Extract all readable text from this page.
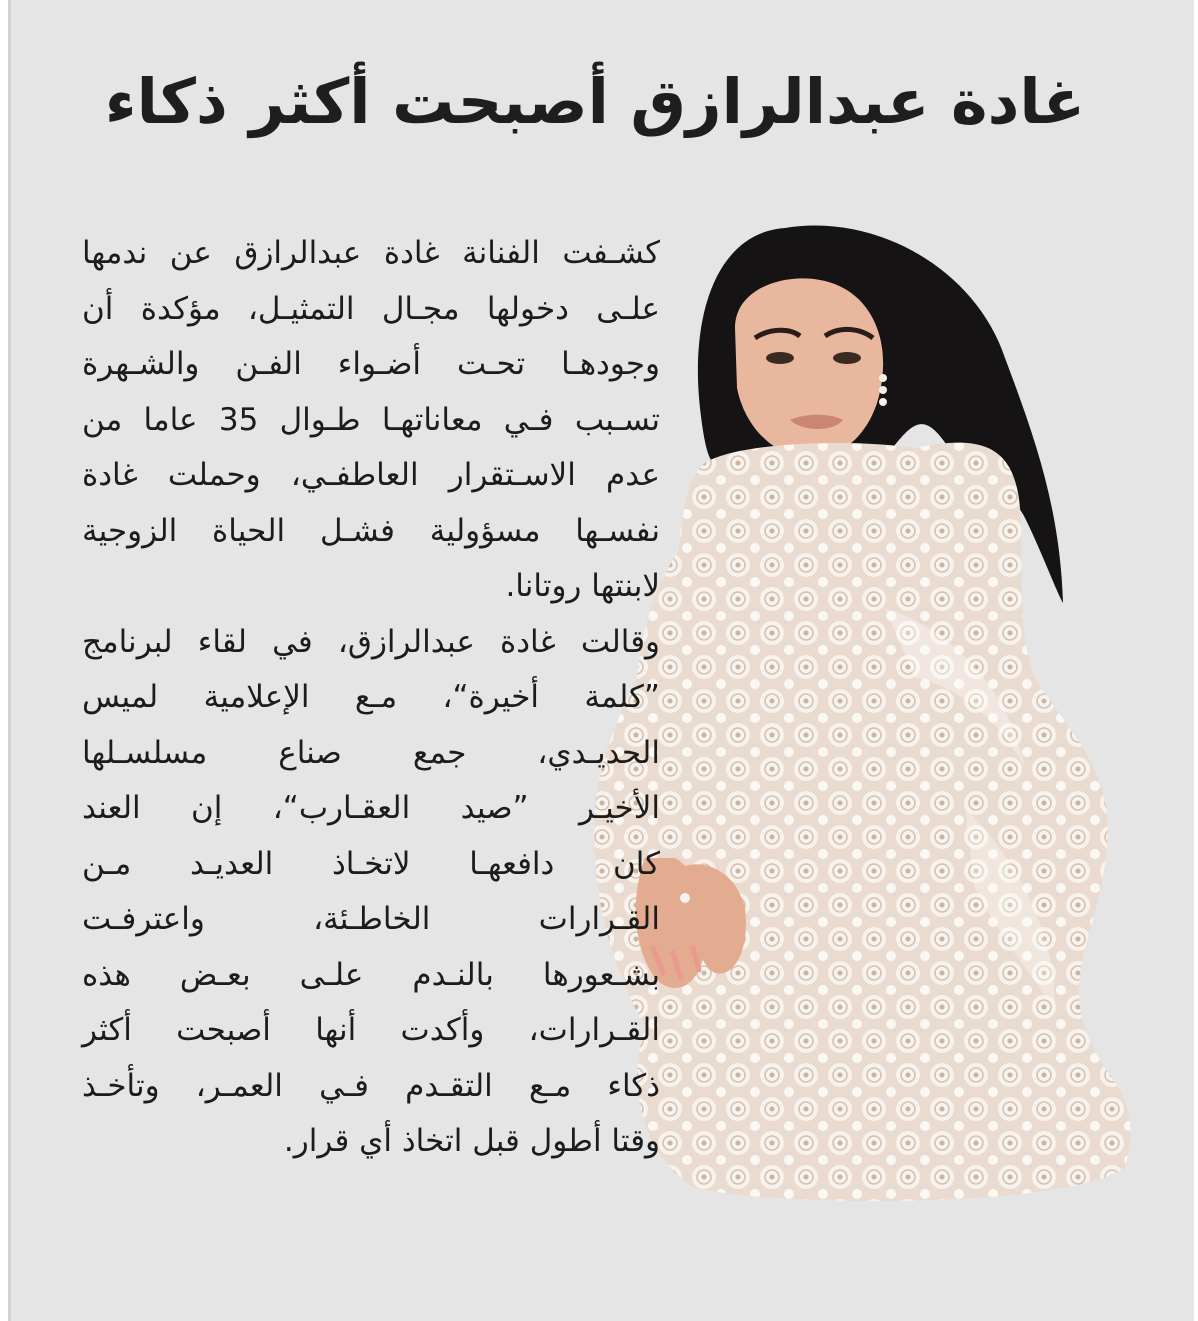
غادة عبدالرازق أصبحت أكثر ذكاء
كشـفت الفنانة غادة عبدالرازق عن ندمها
علـى دخولها مجـال التمثيـل، مؤكدة أن
وجودهـا تحـت أضـواء الفـن والشـهرة
تسـبب فـي معاناتهـا طـوال 35 عاما من
عدم الاسـتقرار العاطفـي، وحملت غادة
نفسـها مسؤولية فشـل الحياة الزوجية
لابنتها روتانا.
وقالت غادة عبدالرازق، في لقاء لبرنامج
”كلمة أخيرة“، مـع الإعلامية لميس
الحديـدي، جمع صناع مسلسـلها
الأخيـر ”صيد العقـارب“، إن العند
كان دافعهـا لاتخـاذ العديـد مـن
القـرارات الخاطـئة، واعترفـت
بشـعورها بالنـدم علـى بعـض هذه
القـرارات، وأكدت أنها أصبحت أكثر
ذكاء مـع التقـدم فـي العمـر، وتأخـذ
وقتا أطول قبل اتخاذ أي قرار.
